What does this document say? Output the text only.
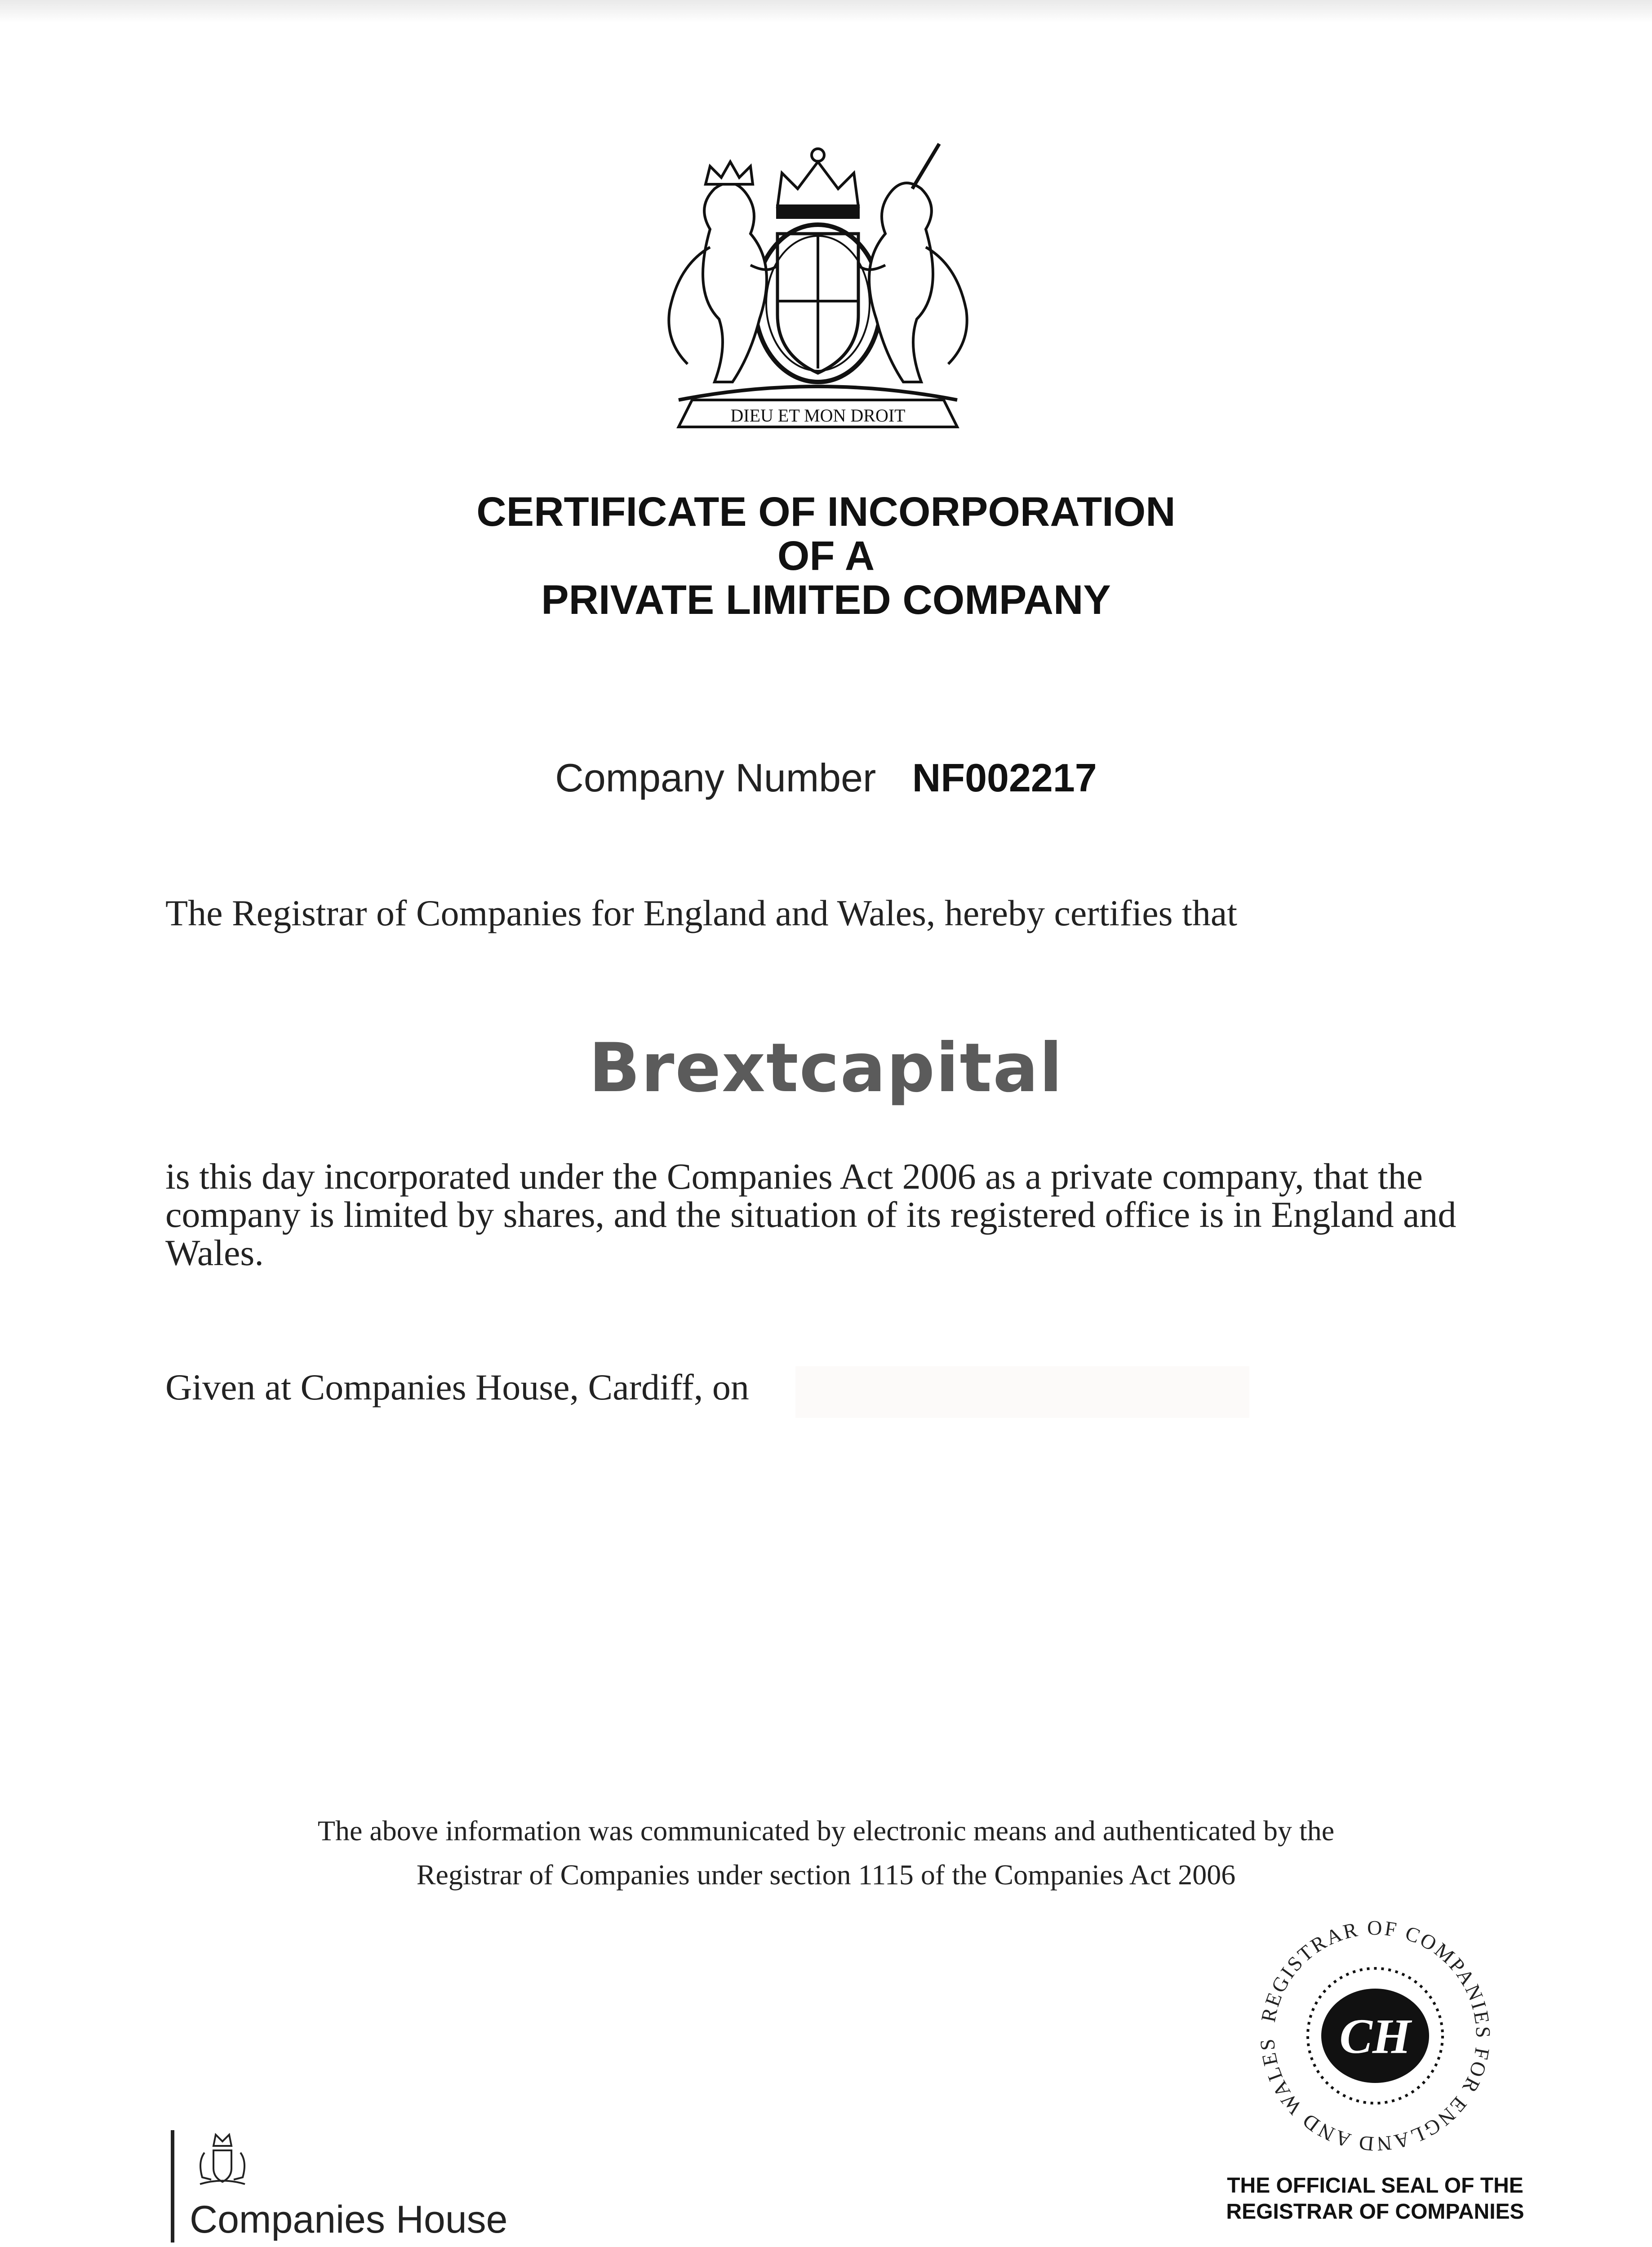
DIEU ET MON DROIT
CERTIFICATE OF INCORPORATION
OF A
PRIVATE LIMITED COMPANY
Company Number NF002217
The Registrar of Companies for England and Wales, hereby certifies that
Brextcapital
is this day incorporated under the Companies Act 2006 as a private company, that the company is limited by shares, and the situation of its registered office is in England and Wales.
Given at Companies House, Cardiff, on
The above information was communicated by electronic means and authenticated by the
Registrar of Companies under section 1115 of the Companies Act 2006
Companies House
CH
REGISTRAR OF COMPANIES FOR ENGLAND AND WALES
THE OFFICIAL SEAL OF THE
REGISTRAR OF COMPANIES
